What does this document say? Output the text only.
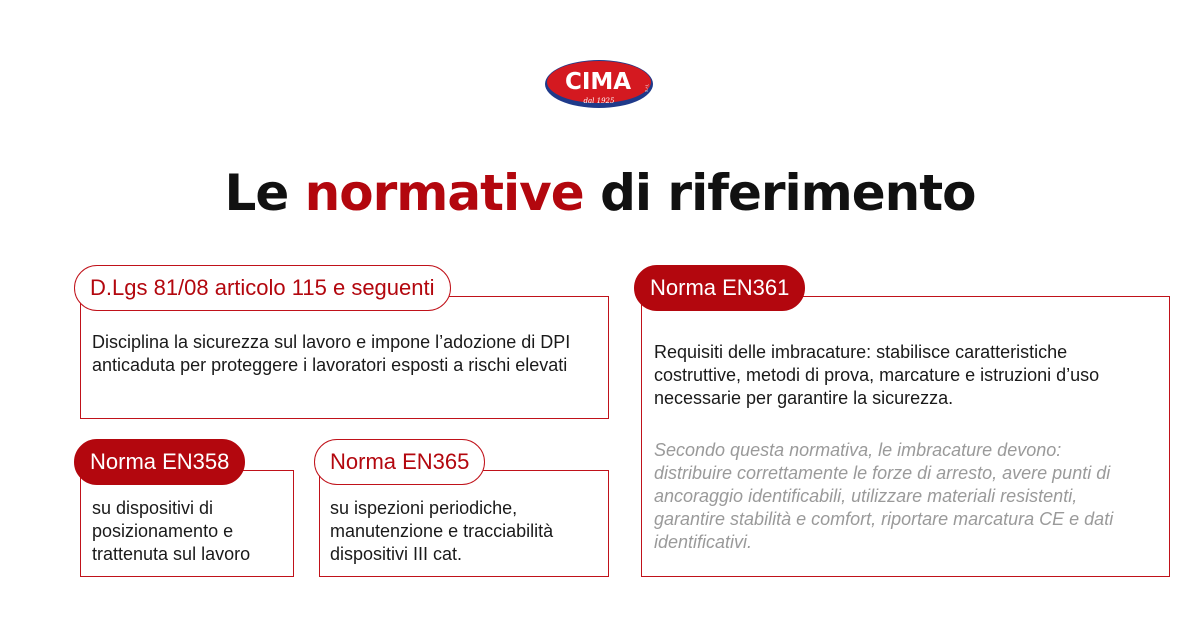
CIMA
dal 1925
s.r.l.
Le normative di riferimento
Disciplina la sicurezza sul lavoro e impone l’adozione di DPI anticaduta per proteggere i lavoratori esposti a rischi elevati
D.Lgs 81/08 articolo 115 e seguenti
su dispositivi di posizionamento e trattenuta sul lavoro
Norma EN358
su ispezioni periodiche, manutenzione e tracciabilità dispositivi III cat.
Norma EN365
Requisiti delle imbracature: stabilisce caratteristiche costruttive, metodi di prova, marcature e istruzioni d’uso necessarie per garantire la sicurezza.
Secondo questa normativa, le imbracature devono: distribuire correttamente le forze di arresto, avere punti di ancoraggio identificabili, utilizzare materiali resistenti, garantire stabilità e comfort, riportare marcatura CE e dati identificativi.
Norma EN361
